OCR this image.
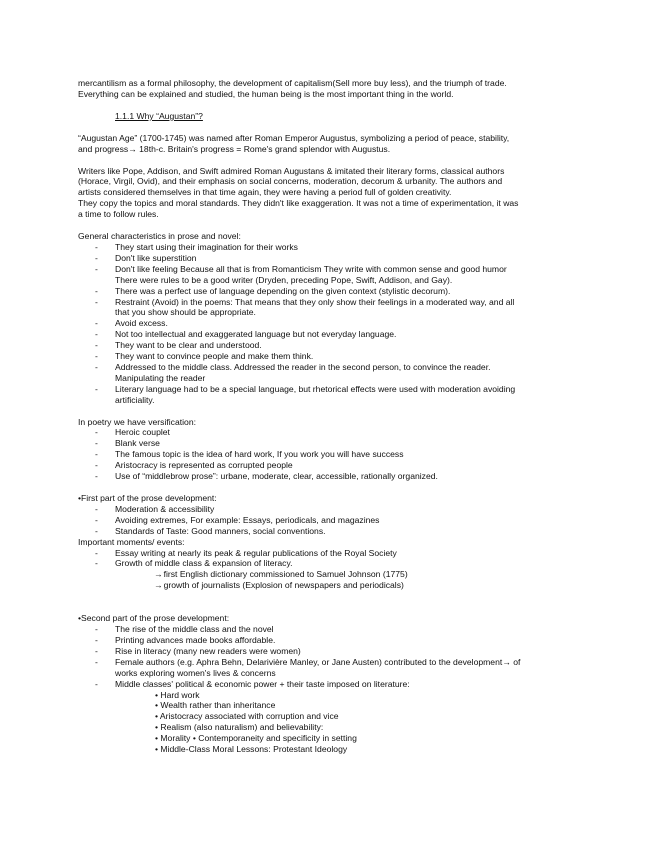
mercantilism as a formal philosophy, the development of capitalism(Sell more buy less), and the triumph of trade.

Everything can be explained and studied, the human being is the most important thing in the world.

1.1.1 Why “Augustan”?

“Augustan Age” (1700-1745) was named after Roman Emperor Augustus, symbolizing a period of peace, stability,

and progress→ 18th-c. Britain's progress = Rome's grand splendor with Augustus.

Writers like Pope, Addison, and Swift admired Roman Augustans & imitated their literary forms, classical authors

(Horace, Virgil, Ovid), and their emphasis on social concerns, moderation, decorum & urbanity. The authors and

artists considered themselves in that time again, they were having a period full of golden creativity.

They copy the topics and moral standards. They didn't like exaggeration. It was not a time of experimentation, it was

a time to follow rules.

General characteristics in prose and novel:

- They start using their imagination for their works

- Don't like superstition

- Don't like feeling Because all that is from Romanticism They write with common sense and good humor

There were rules to be a good writer (Dryden, preceding Pope, Swift, Addison, and Gay).

- There was a perfect use of language depending on the given context (stylistic decorum).

- Restraint (Avoid) in the poems: That means that they only show their feelings in a moderated way, and all

that you show should be appropriate.

- Avoid excess.

- Not too intellectual and exaggerated language but not everyday language.

- They want to be clear and understood.

- They want to convince people and make them think.

- Addressed to the middle class. Addressed the reader in the second person, to convince the reader.

Manipulating the reader

- Literary language had to be a special language, but rhetorical effects were used with moderation avoiding

artificiality.

In poetry we have versification:

- Heroic couplet

- Blank verse

- The famous topic is the idea of hard work, If you work you will have success

- Aristocracy is represented as corrupted people

- Use of “middlebrow prose”: urbane, moderate, clear, accessible, rationally organized.

•First part of the prose development:

- Moderation & accessibility

- Avoiding extremes, For example: Essays, periodicals, and magazines

- Standards of Taste: Good manners, social conventions.

Important moments/ events:

- Essay writing at nearly its peak & regular publications of the Royal Society

- Growth of middle class & expansion of literacy.

→first English dictionary commissioned to Samuel Johnson (1775)

→growth of journalists (Explosion of newspapers and periodicals)

•Second part of the prose development:

- The rise of the middle class and the novel

- Printing advances made books affordable.

- Rise in literacy (many new readers were women)

- Female authors (e.g. Aphra Behn, Delarivière Manley, or Jane Austen) contributed to the development→ of

works exploring women's lives & concerns

- Middle classes' political & economic power + their taste imposed on literature:

• Hard work

• Wealth rather than inheritance

• Aristocracy associated with corruption and vice

• Realism (also naturalism) and believability:

• Morality • Contemporaneity and specificity in setting

• Middle-Class Moral Lessons: Protestant Ideology
